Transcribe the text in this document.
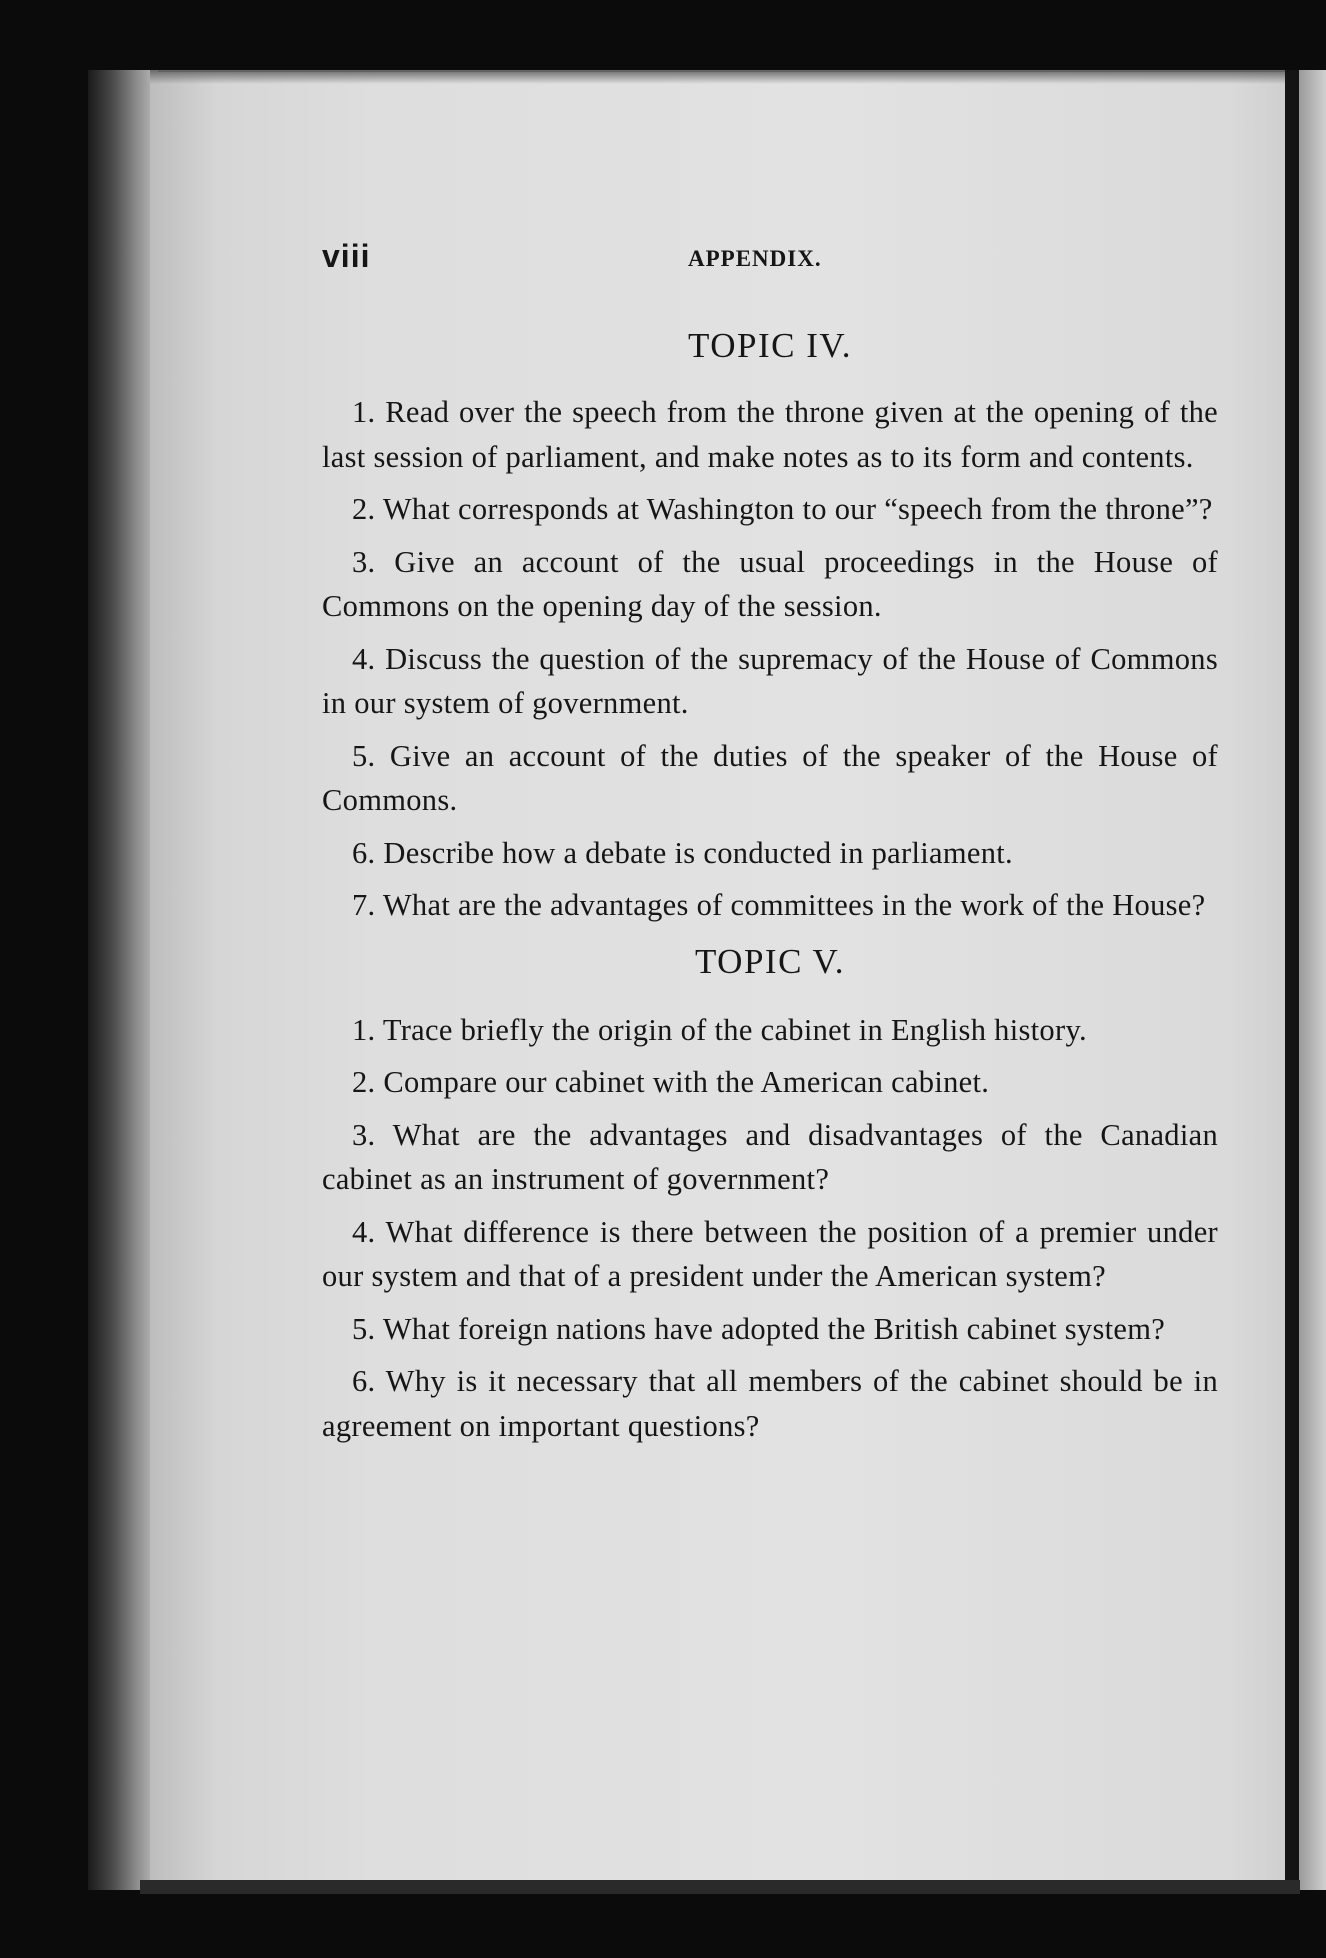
viii	APPENDIX.
TOPIC IV.

1. Read over the speech from the throne given at the opening of the last session of parliament, and make notes as to its form and contents.

2. What corresponds at Washington to our “speech from the throne”?

3. Give an account of the usual proceedings in the House of Commons on the opening day of the session.

4. Discuss the question of the supremacy of the House of Commons in our system of government.

5. Give an account of the duties of the speaker of the House of Commons.

6. Describe how a debate is conducted in parliament.

7. What are the advantages of committees in the work of the House?

TOPIC V.

1. Trace briefly the origin of the cabinet in English history.

2. Compare our cabinet with the American cabinet.

3. What are the advantages and disadvantages of the Canadian cabinet as an instrument of government?

4. What difference is there between the position of a premier under our system and that of a president under the American system?

5. What foreign nations have adopted the British cabinet system?

6. Why is it necessary that all members of the cabinet should be in agreement on important questions?
